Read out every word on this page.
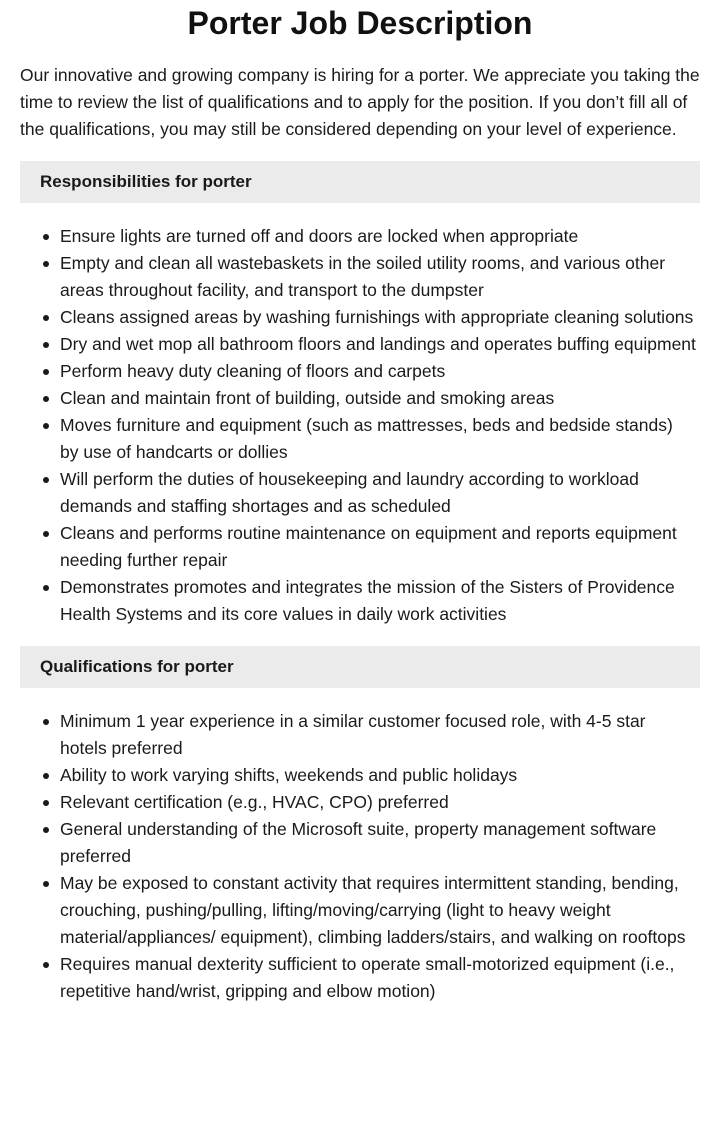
Porter Job Description

Our innovative and growing company is hiring for a porter. We appreciate you taking the time to review the list of qualifications and to apply for the position. If you don’t fill all of the qualifications, you may still be considered depending on your level of experience.

Responsibilities for porter
Ensure lights are turned off and doors are locked when appropriate
Empty and clean all wastebaskets in the soiled utility rooms, and various other areas throughout facility, and transport to the dumpster
Cleans assigned areas by washing furnishings with appropriate cleaning solutions
Dry and wet mop all bathroom floors and landings and operates buffing equipment
Perform heavy duty cleaning of floors and carpets
Clean and maintain front of building, outside and smoking areas
Moves furniture and equipment (such as mattresses, beds and bedside stands) by use of handcarts or dollies
Will perform the duties of housekeeping and laundry according to workload demands and staffing shortages and as scheduled
Cleans and performs routine maintenance on equipment and reports equipment needing further repair
Demonstrates promotes and integrates the mission of the Sisters of Providence Health Systems and its core values in daily work activities
Qualifications for porter
Minimum 1 year experience in a similar customer focused role, with 4-5 star hotels preferred
Ability to work varying shifts, weekends and public holidays
Relevant certification (e.g., HVAC, CPO) preferred
General understanding of the Microsoft suite, property management software preferred
May be exposed to constant activity that requires intermittent standing, bending, crouching, pushing/pulling, lifting/moving/carrying (light to heavy weight material/appliances/ equipment), climbing ladders/stairs, and walking on rooftops
Requires manual dexterity sufficient to operate small-motorized equipment (i.e., repetitive hand/wrist, gripping and elbow motion)
